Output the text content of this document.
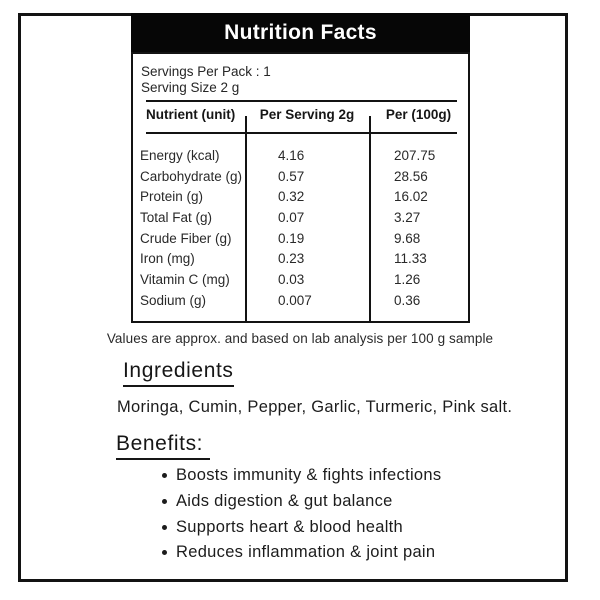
Nutrition Facts
Servings Per Pack : 1
Serving Size 2 g
Nutrient (unit)	Per Serving 2g	Per (100g)
Energy (kcal)	4.16	207.75
Carbohydrate (g)	0.57	28.56
Protein (g)	0.32	16.02
Total Fat (g)	0.07	3.27
Crude Fiber (g)	0.19	9.68
Iron (mg)	0.23	11.33
Vitamin C (mg)	0.03	1.26
Sodium (g)	0.007	0.36
Values are approx. and based on lab analysis per 100 g sample
Ingredients

Moringa, Cumin, Pepper, Garlic, Turmeric, Pink salt.

Benefits:
Boosts immunity & fights infections
Aids digestion & gut balance
Supports heart & blood health
Reduces inflammation & joint pain
